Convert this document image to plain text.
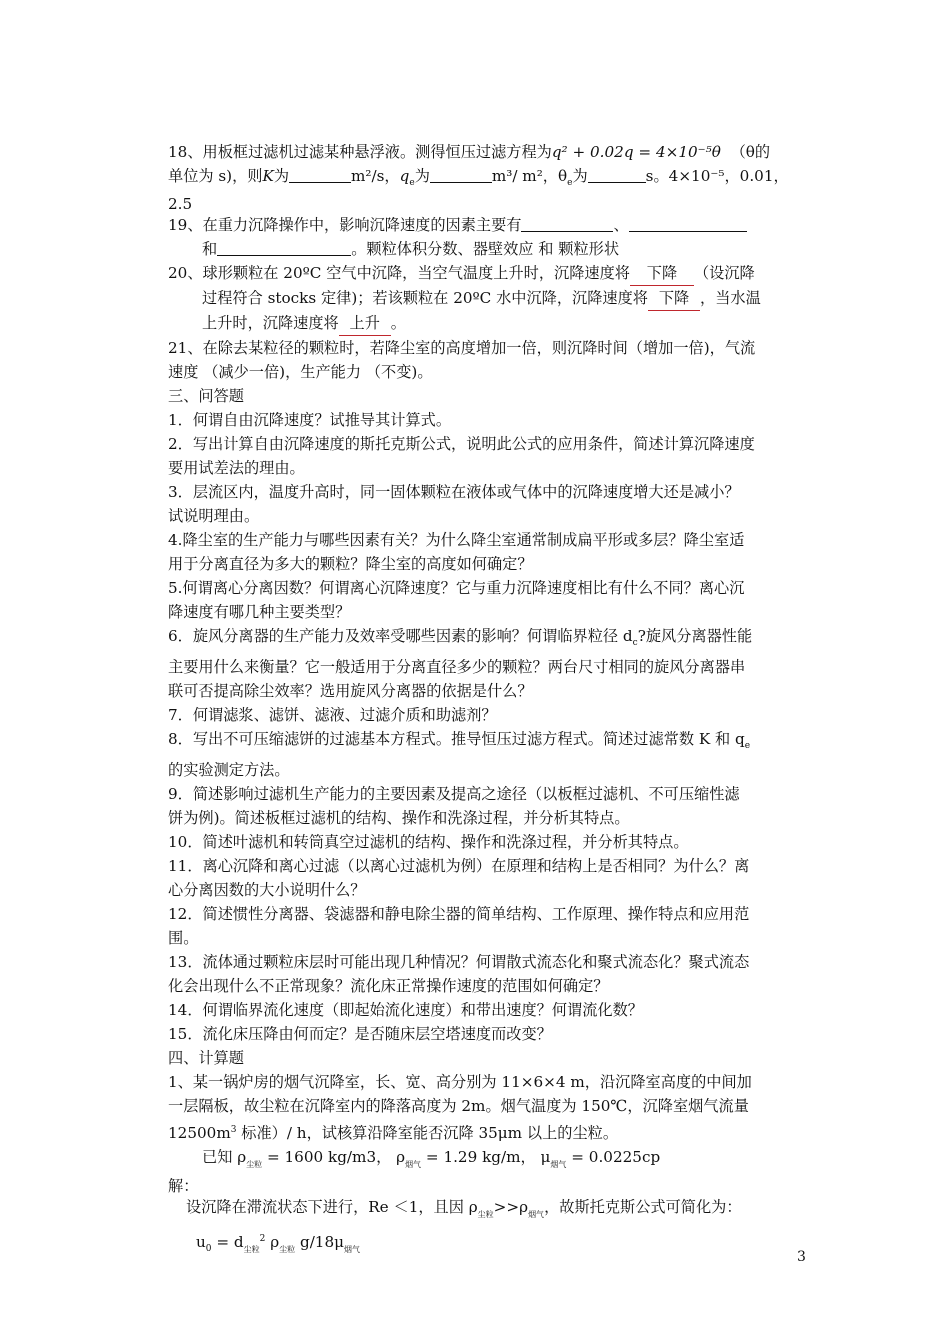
18、用板框过滤机过滤某种悬浮液。测得恒压过滤方程为q² + 0.02q = 4×10⁻⁵θ （θ的

单位为 s)，则K为	m²/s，$q_e$为	m³/ m²，$\theta_e$为	s。4×10⁻⁵，0.01，

2.5

19、在重力沉降操作中，影响沉降速度的因素主要有	、

和	。颗粒体积分数、器壁效应 和 颗粒形状

20、球形颗粒在 20ºC 空气中沉降，当空气温度上升时，沉降速度将 下降 （设沉降

过程符合 stocks 定律)；若该颗粒在 20ºC 水中沉降，沉降速度将 下降 ，当水温

上升时，沉降速度将 上升 。

21、在除去某粒径的颗粒时，若降尘室的高度增加一倍，则沉降时间（增加一倍)，气流

速度 （减少一倍)，生产能力 （不变)。

三、问答题

1．何谓自由沉降速度？试推导其计算式。

2．写出计算自由沉降速度的斯托克斯公式，说明此公式的应用条件，简述计算沉降速度

要用试差法的理由。

3．层流区内，温度升高时，同一固体颗粒在液体或气体中的沉降速度增大还是减小？

试说明理由。

4.降尘室的生产能力与哪些因素有关？为什么降尘室通常制成扁平形或多层？降尘室适

用于分离直径为多大的颗粒？降尘室的高度如何确定？

5.何谓离心分离因数？何谓离心沉降速度？它与重力沉降速度相比有什么不同？离心沉

降速度有哪几种主要类型？

6．旋风分离器的生产能力及效率受哪些因素的影响？何谓临界粒径 $d_c$?旋风分离器性能

主要用什么来衡量？它一般适用于分离直径多少的颗粒？两台尺寸相同的旋风分离器串

联可否提高除尘效率？选用旋风分离器的依据是什么？

7．何谓滤浆、滤饼、滤液、过滤介质和助滤剂？

8．写出不可压缩滤饼的过滤基本方程式。推导恒压过滤方程式。简述过滤常数 K 和 $q_e$

的实验测定方法。

9．简述影响过滤机生产能力的主要因素及提高之途径（以板框过滤机、不可压缩性滤

饼为例)。简述板框过滤机的结构、操作和洗涤过程，并分析其特点。

10．简述叶滤机和转筒真空过滤机的结构、操作和洗涤过程，并分析其特点。

11．离心沉降和离心过滤（以离心过滤机为例）在原理和结构上是否相同？为什么？离

心分离因数的大小说明什么？

12．简述惯性分离器、袋滤器和静电除尘器的简单结构、工作原理、操作特点和应用范

围。

13．流体通过颗粒床层时可能出现几种情况？何谓散式流态化和聚式流态化？聚式流态

化会出现什么不正常现象？流化床正常操作速度的范围如何确定？

14．何谓临界流化速度（即起始流化速度）和带出速度？何谓流化数？

15．流化床压降由何而定？是否随床层空塔速度而改变？

四、计算题

1、某一锅炉房的烟气沉降室，长、宽、高分别为 11×6×4 m，沿沉降室高度的中间加

一层隔板，故尘粒在沉降室内的降落高度为 2m。烟气温度为 150℃，沉降室烟气流量

$12500m^3$ 标准）/ h，试核算沿降室能否沉降 35μm 以上的尘粒。

已知 $\rho_{尘粒} = 1600$ kg/m3， $\rho_{烟气} = 1.29$ kg/m， $\mu_{烟气} = 0.0225cp$

解：

设沉降在滞流状态下进行，Re ＜1，且因 $\rho_{尘粒}>>\rho_{烟气}$，故斯托克斯公式可简化为：

$u_0 = d_{尘粒}^2$ $\rho_{尘粒}$ $g/18\mu_{烟气}$	3
